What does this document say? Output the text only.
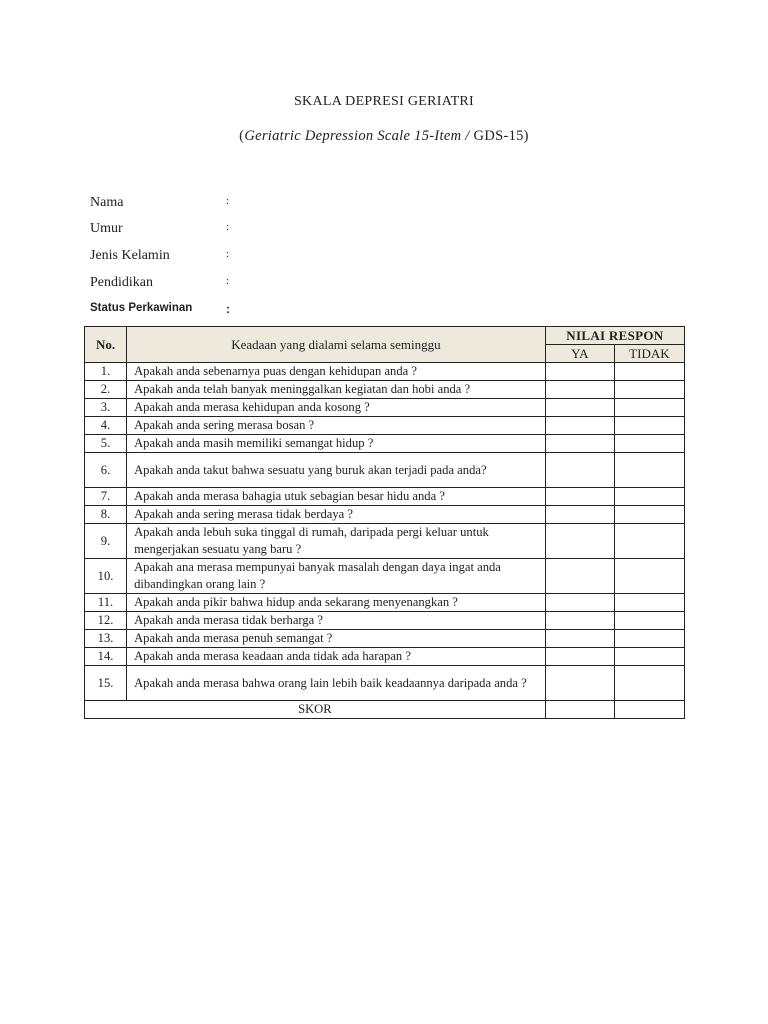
SKALA DEPRESI GERIATRI
(Geriatric Depression Scale 15-Item / GDS-15)
Nama	:
Umur	:
Jenis Kelamin	:
Pendidikan	:
Status Perkawinan	:
No.	Keadaan yang dialami selama seminggu	NILAI RESPON	
		YA	TIDAK
1.	Apakah anda sebenarnya puas dengan kehidupan anda ?		
2.	Apakah anda telah banyak meninggalkan kegiatan dan hobi anda ?		
3.	Apakah anda merasa kehidupan anda kosong ?		
4.	Apakah anda sering merasa bosan ?		
5.	Apakah anda masih memiliki semangat hidup ?		
6.	Apakah anda takut bahwa sesuatu yang buruk akan terjadi pada anda?		
7.	Apakah anda merasa bahagia utuk sebagian besar hidu anda ?		
8.	Apakah anda sering merasa tidak berdaya ?		
9.	Apakah anda lebuh suka tinggal di rumah, daripada pergi keluar untuk mengerjakan sesuatu yang baru ?		
10.	Apakah ana merasa mempunyai banyak masalah dengan daya ingat anda dibandingkan orang lain ?		
11.	Apakah anda pikir bahwa hidup anda sekarang menyenangkan ?		
12.	Apakah anda merasa tidak berharga ?		
13.	Apakah anda merasa penuh semangat ?		
14.	Apakah anda merasa keadaan anda tidak ada harapan ?		
15.	Apakah anda merasa bahwa orang lain lebih baik keadaannya daripada anda ?		
SKOR			
